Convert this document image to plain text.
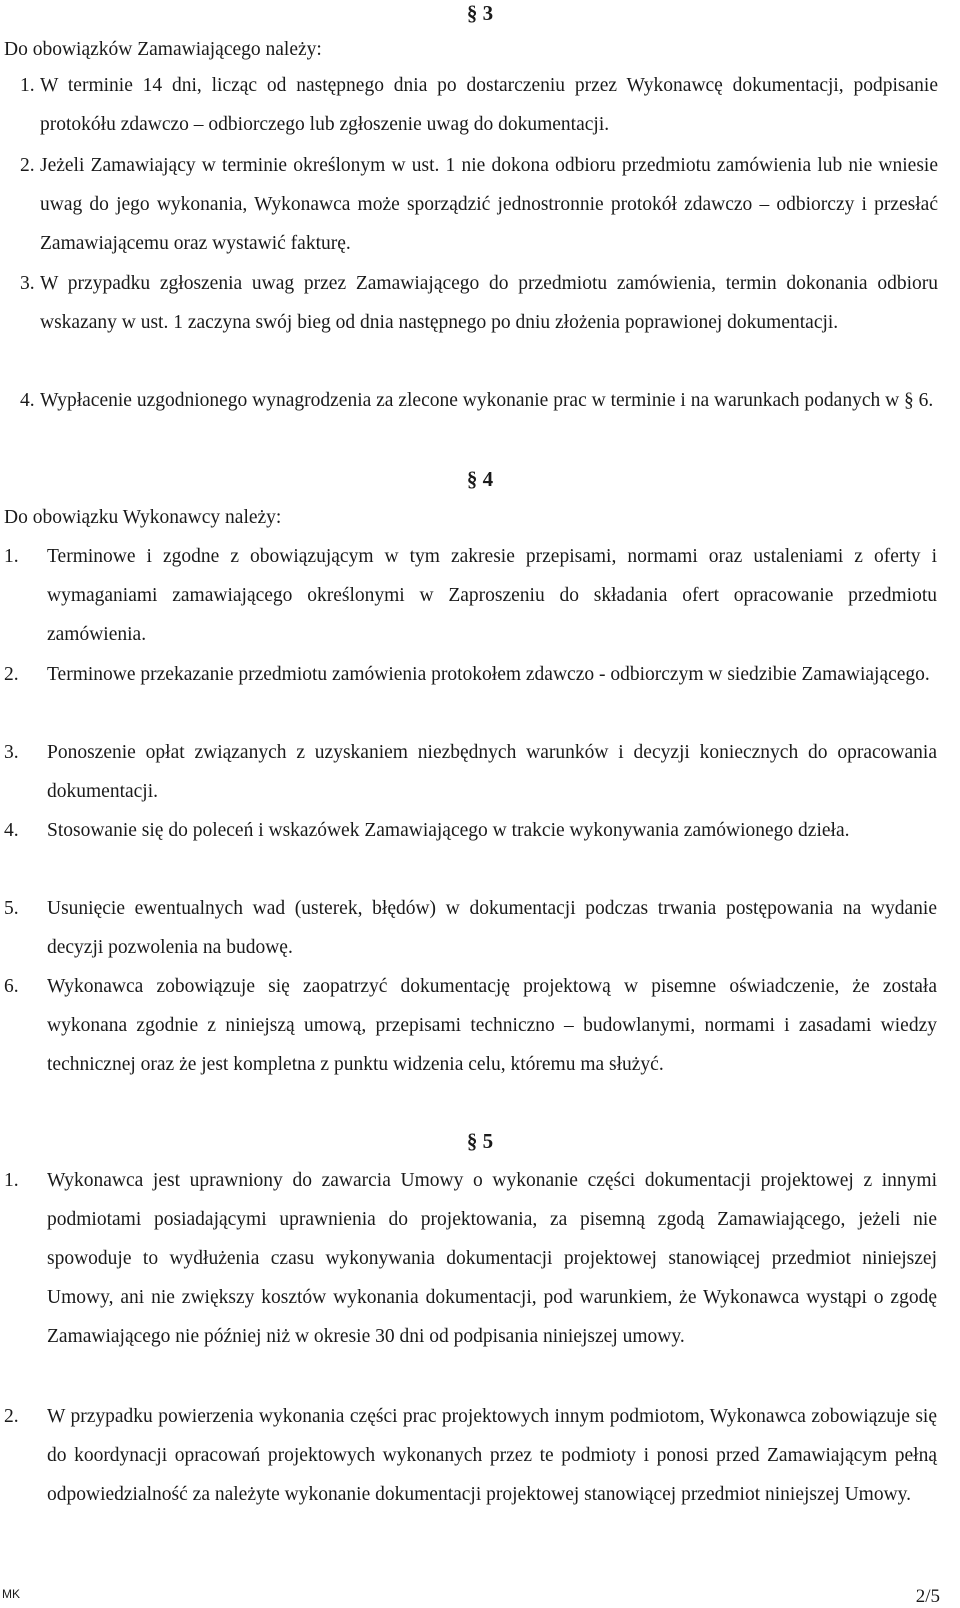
§ 3
Do obowiązków Zamawiającego należy:
1. W terminie 14 dni, licząc od następnego dnia po dostarczeniu przez Wykonawcę dokumentacji, podpisanie protokółu zdawczo – odbiorczego lub zgłoszenie uwag do dokumentacji.
2. Jeżeli Zamawiający w terminie określonym w ust. 1 nie dokona odbioru przedmiotu zamówienia lub nie wniesie uwag do jego wykonania, Wykonawca może sporządzić jednostronnie protokół zdawczo – odbiorczy i przesłać Zamawiającemu oraz wystawić fakturę.
3. W przypadku zgłoszenia uwag przez Zamawiającego do przedmiotu zamówienia, termin dokonania odbioru wskazany w ust. 1 zaczyna swój bieg od dnia następnego po dniu złożenia poprawionej dokumentacji.
4. Wypłacenie uzgodnionego wynagrodzenia za zlecone wykonanie prac w terminie i na warunkach podanych w § 6.
§ 4
Do obowiązku Wykonawcy należy:
1.	Terminowe i zgodne z obowiązującym w tym zakresie przepisami, normami oraz ustaleniami z oferty i wymaganiami zamawiającego określonymi w Zaproszeniu do składania ofert opracowanie przedmiotu zamówienia.
2.	Terminowe przekazanie przedmiotu zamówienia protokołem zdawczo - odbiorczym w siedzibie Zamawiającego.
3.	Ponoszenie opłat związanych z uzyskaniem niezbędnych warunków i decyzji koniecznych do opracowania dokumentacji.
4.	Stosowanie się do poleceń i wskazówek Zamawiającego w trakcie wykonywania zamówionego dzieła.
5.	Usunięcie ewentualnych wad (usterek, błędów) w dokumentacji podczas trwania postępowania na wydanie decyzji pozwolenia na budowę.
6.	Wykonawca zobowiązuje się zaopatrzyć dokumentację projektową w pisemne oświadczenie, że została wykonana zgodnie z niniejszą umową, przepisami techniczno – budowlanymi, normami i zasadami wiedzy technicznej oraz że jest kompletna z punktu widzenia celu, któremu ma służyć.
§ 5
1.	Wykonawca jest uprawniony do zawarcia Umowy o wykonanie części dokumentacji projektowej z innymi podmiotami posiadającymi uprawnienia do projektowania, za pisemną zgodą Zamawiającego, jeżeli nie spowoduje to wydłużenia czasu wykonywania dokumentacji projektowej stanowiącej przedmiot niniejszej Umowy, ani nie zwiększy kosztów wykonania dokumentacji, pod warunkiem, że Wykonawca wystąpi o zgodę Zamawiającego nie później niż w okresie 30 dni od podpisania niniejszej umowy.
2.	W przypadku powierzenia wykonania części prac projektowych innym podmiotom, Wykonawca zobowiązuje się do koordynacji opracowań projektowych wykonanych przez te podmioty i ponosi przed Zamawiającym pełną odpowiedzialność za należyte wykonanie dokumentacji projektowej stanowiącej przedmiot niniejszej Umowy.
MK	2/5
